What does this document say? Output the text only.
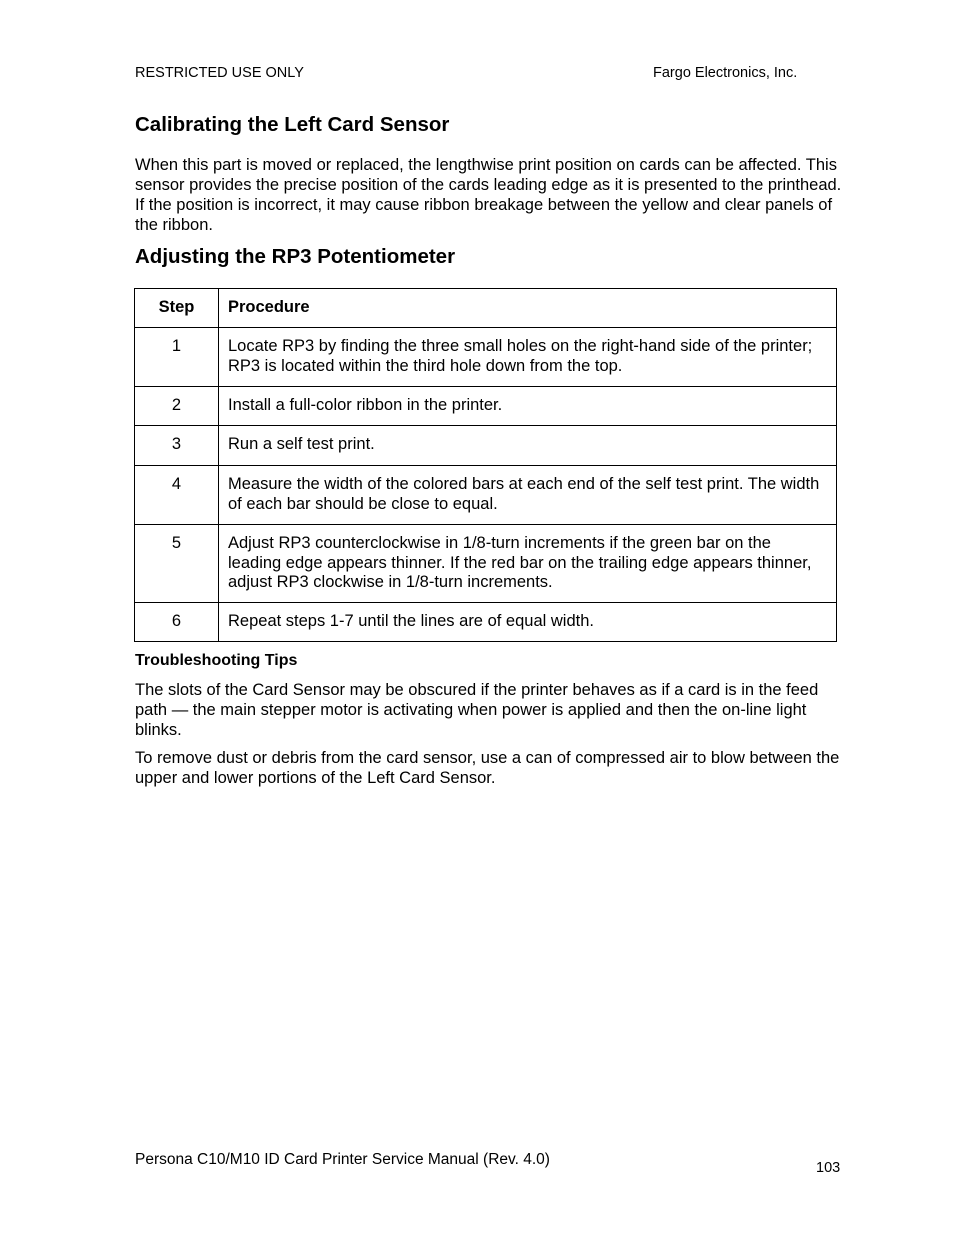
RESTRICTED USE ONLY	Fargo Electronics, Inc.
Calibrating the Left Card Sensor

When this part is moved or replaced, the lengthwise print position on cards can be affected. This sensor provides the precise position of the cards leading edge as it is presented to the printhead. If the position is incorrect, it may cause ribbon breakage between the yellow and clear panels of the ribbon.

Adjusting the RP3 Potentiometer
Step	Procedure

1	Locate RP3 by finding the three small holes on the right-hand side of the printer; RP3 is located within the third hole down from the top.

2	Install a full-color ribbon in the printer.

3	Run a self test print.

4	Measure the width of the colored bars at each end of the self test print. The width of each bar should be close to equal.

5	Adjust RP3 counterclockwise in 1/8-turn increments if the green bar on the leading edge appears thinner. If the red bar on the trailing edge appears thinner, adjust RP3 clockwise in 1/8-turn increments.

6	Repeat steps 1-7 until the lines are of equal width.
Troubleshooting Tips

The slots of the Card Sensor may be obscured if the printer behaves as if a card is in the feed path — the main stepper motor is activating when power is applied and then the on-line light blinks.

To remove dust or debris from the card sensor, use a can of compressed air to blow between the upper and lower portions of the Left Card Sensor.

Persona C10/M10 ID Card Printer Service Manual (Rev. 4.0)	103
